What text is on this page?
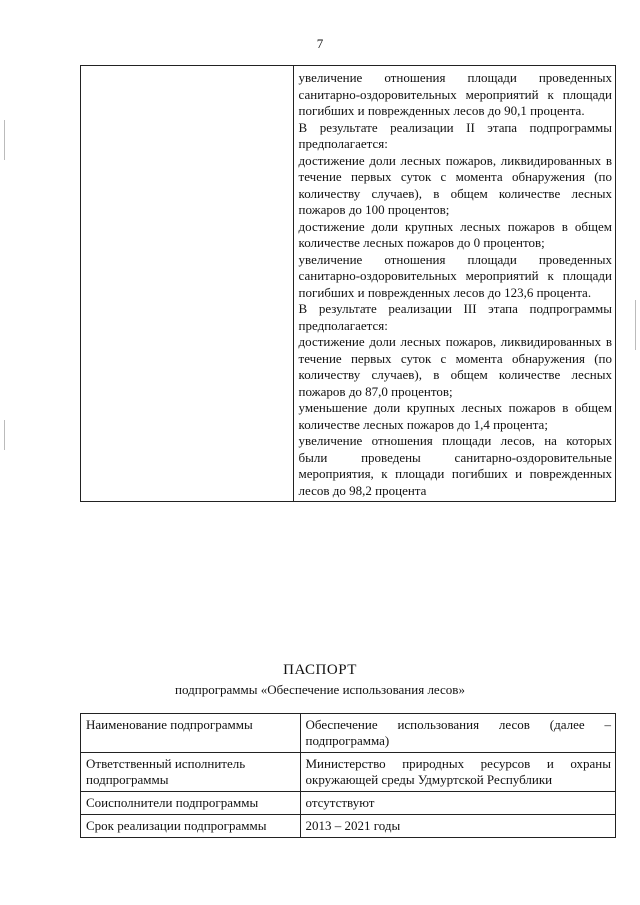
7

увеличение отношения площади проведенных санитарно-оздоровительных мероприятий к площади погибших и поврежденных лесов до 90,1 процента.
В результате реализации II этапа подпрограммы предполагается:
достижение доли лесных пожаров, ликвидированных в течение первых суток с момента обнаружения (по количеству случаев), в общем количестве лесных пожаров до 100 процентов;
достижение доли крупных лесных пожаров в общем количестве лесных пожаров до 0 процентов;
увеличение отношения площади проведенных санитарно-оздоровительных мероприятий к площади погибших и поврежденных лесов до 123,6 процента.
В результате реализации III этапа подпрограммы предполагается:
достижение доли лесных пожаров, ликвидированных в течение первых суток с момента обнаружения (по количеству случаев), в общем количестве лесных пожаров до 87,0 процентов;
уменьшение доли крупных лесных пожаров в общем количестве лесных пожаров до 1,4 процента;
увеличение отношения площади лесов, на которых были проведены санитарно-оздоровительные мероприятия, к площади погибших и поврежденных лесов до 98,2 процента
ПАСПОРТ
подпрограммы «Обеспечение использования лесов»
Наименование подпрограммы	Обеспечение использования лесов (далее – подпрограмма)
Ответственный исполнитель подпрограммы	Министерство природных ресурсов и охраны окружающей среды Удмуртской Республики
Соисполнители подпрограммы	отсутствуют
Срок реализации подпрограммы	2013 – 2021 годы
